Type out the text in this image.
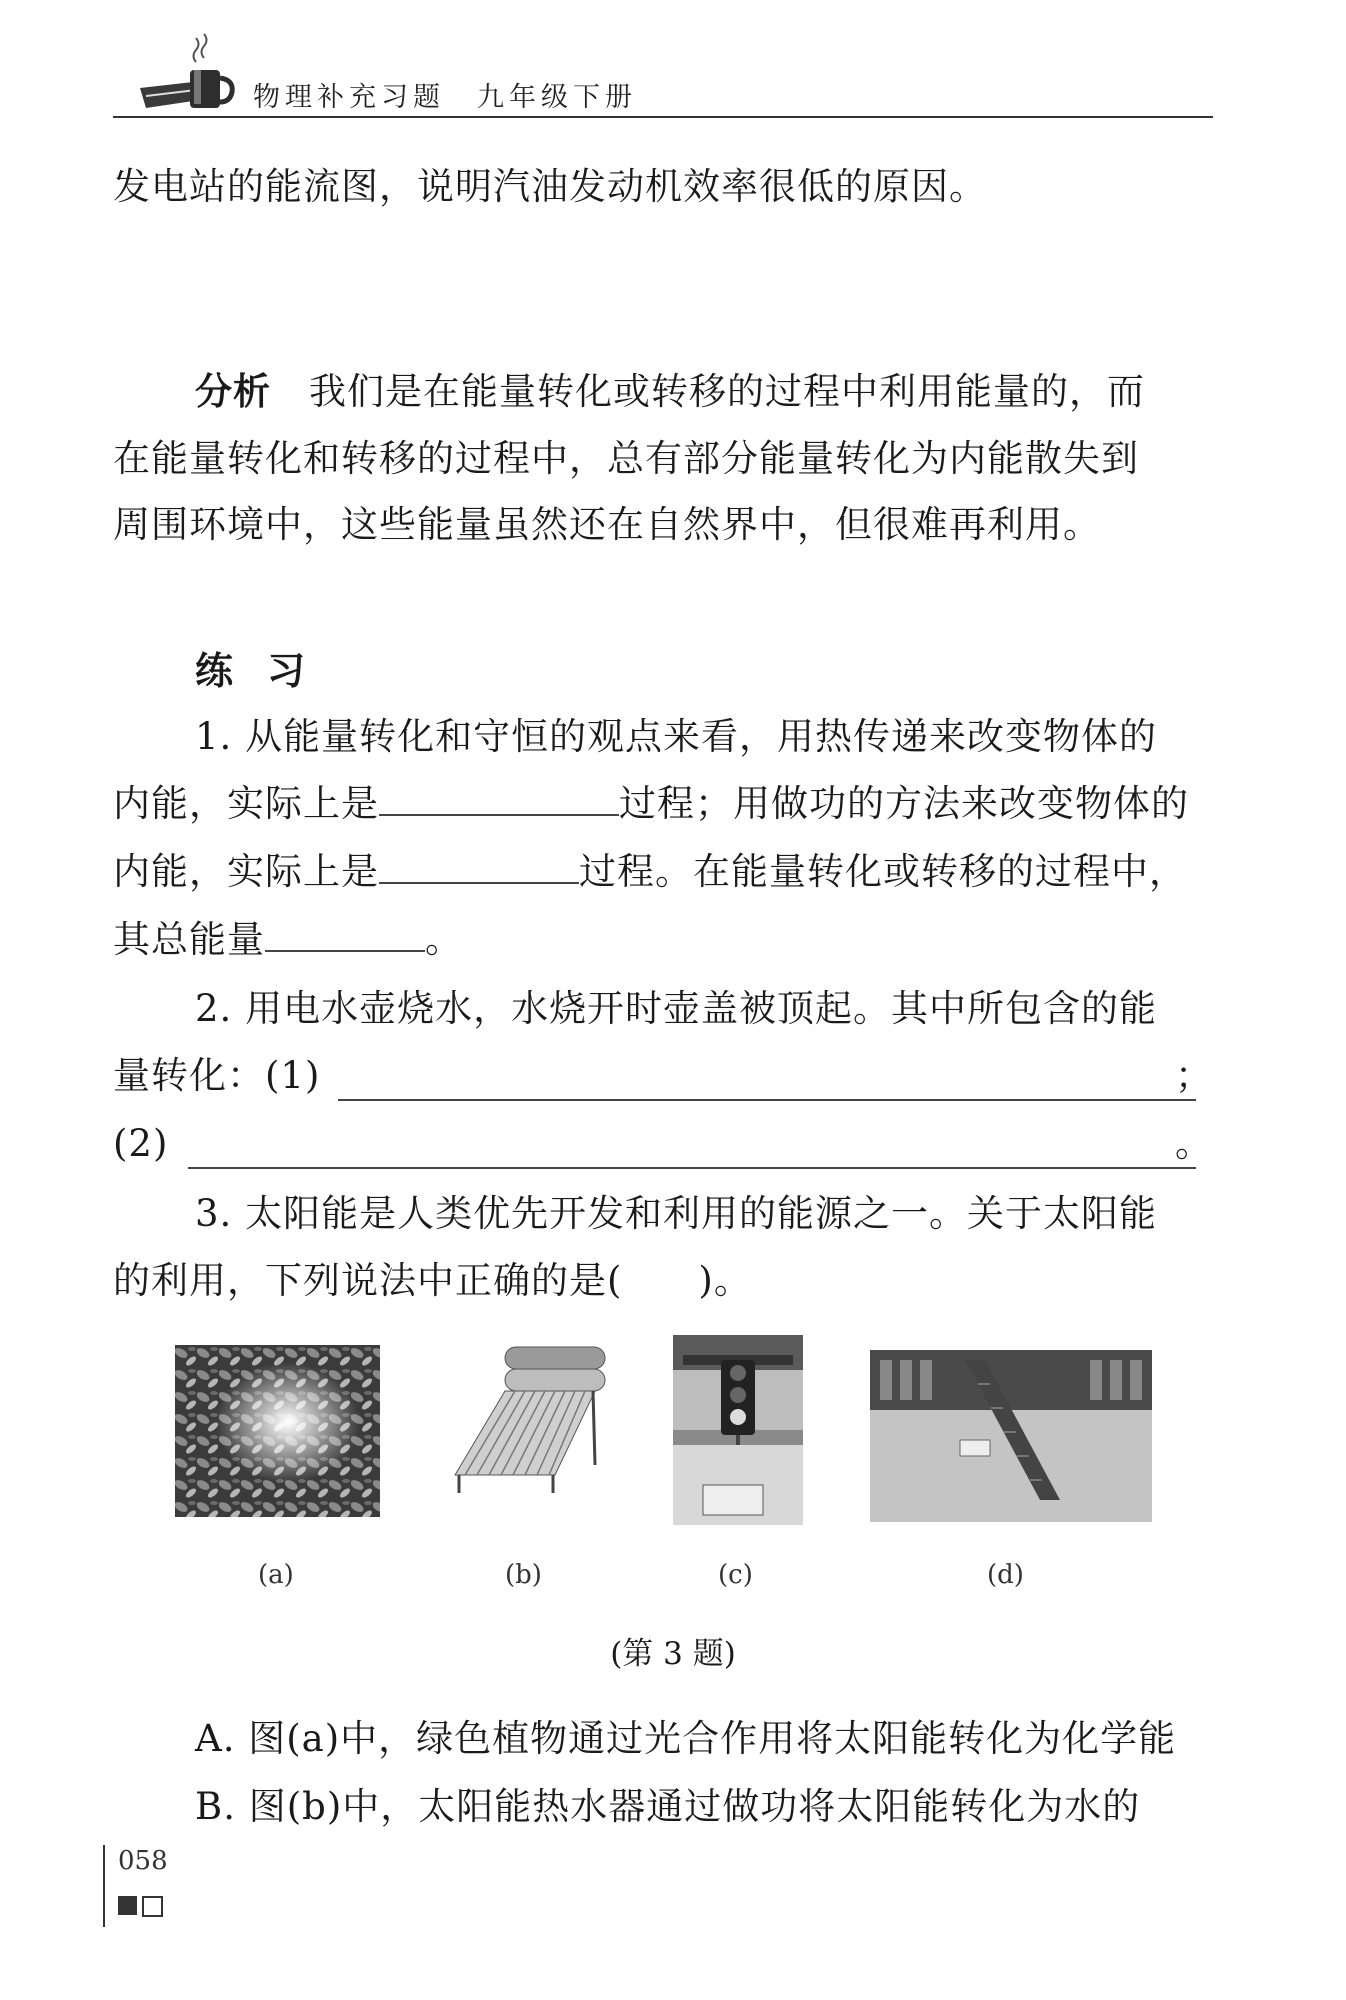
物理补充习题　九年级下册
发电站的能流图，说明汽油发动机效率很低的原因。
分析 我们是在能量转化或转移的过程中利用能量的，而
在能量转化和转移的过程中，总有部分能量转化为内能散失到
周围环境中，这些能量虽然还在自然界中，但很难再利用。
练习
1. 从能量转化和守恒的观点来看，用热传递来改变物体的
内能，实际上是	过程；用做功的方法来改变物体的
内能，实际上是	过程。在能量转化或转移的过程中，
其总能量	。
2. 用电水壶烧水，水烧开时壶盖被顶起。其中所包含的能
量转化：(1)	；
(2)	。
3. 太阳能是人类优先开发和利用的能源之一。关于太阳能
的利用，下列说法中正确的是(　　)。
(a)	(b)	(c)	(d)
(第 3 题)
A. 图(a)中，绿色植物通过光合作用将太阳能转化为化学能
B. 图(b)中，太阳能热水器通过做功将太阳能转化为水的
058
